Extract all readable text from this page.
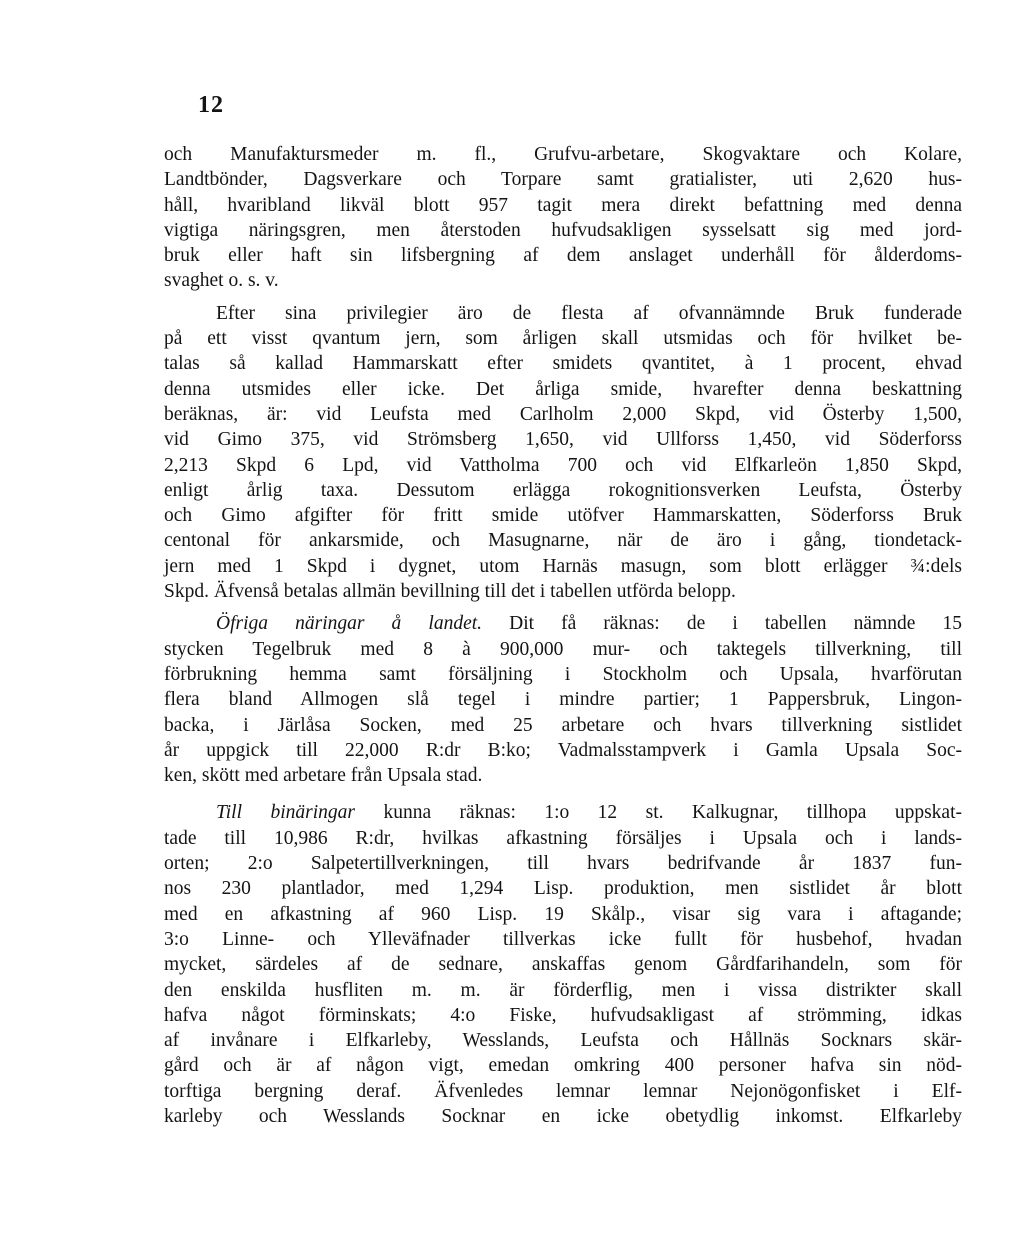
12
och Manufaktursmeder m. fl., Grufvu-arbetare, Skogvaktare och Kolare,
Landtbönder, Dagsverkare och Torpare samt gratialister, uti 2,620 hus-
håll, hvaribland likväl blott 957 tagit mera direkt befattning med denna
vigtiga näringsgren, men återstoden hufvudsakligen sysselsatt sig med jord-
bruk eller haft sin lifsbergning af dem anslaget underhåll för ålderdoms-
svaghet o. s. v.
Efter sina privilegier äro de flesta af ofvannämnde Bruk funderade
på ett visst qvantum jern, som årligen skall utsmidas och för hvilket be-
talas så kallad Hammarskatt efter smidets qvantitet, à 1 procent, ehvad
denna utsmides eller icke. Det årliga smide, hvarefter denna beskattning
beräknas, är: vid Leufsta med Carlholm 2,000 Skpd, vid Österby 1,500,
vid Gimo 375, vid Strömsberg 1,650, vid Ullforss 1,450, vid Söderforss
2,213 Skpd 6 Lpd, vid Vattholma 700 och vid Elfkarleön 1,850 Skpd,
enligt årlig taxa. Dessutom erlägga rokognitionsverken Leufsta, Österby
och Gimo afgifter för fritt smide utöfver Hammarskatten, Söderforss Bruk
centonal för ankarsmide, och Masugnarne, när de äro i gång, tiondetack-
jern med 1 Skpd i dygnet, utom Harnäs masugn, som blott erlägger ¾:dels
Skpd. Äfvenså betalas allmän bevillning till det i tabellen utförda belopp.
Öfriga näringar å landet. Dit få räknas: de i tabellen nämnde 15
stycken Tegelbruk med 8 à 900,000 mur- och taktegels tillverkning, till
förbrukning hemma samt försäljning i Stockholm och Upsala, hvarförutan
flera bland Allmogen slå tegel i mindre partier; 1 Pappersbruk, Lingon-
backa, i Järlåsa Socken, med 25 arbetare och hvars tillverkning sistlidet
år uppgick till 22,000 R:dr B:ko; Vadmalsstampverk i Gamla Upsala Soc-
ken, skött med arbetare från Upsala stad.
Till binäringar kunna räknas: 1:o 12 st. Kalkugnar, tillhopa uppskat-
tade till 10,986 R:dr, hvilkas afkastning försäljes i Upsala och i lands-
orten; 2:o Salpetertillverkningen, till hvars bedrifvande år 1837 fun-
nos 230 plantlador, med 1,294 Lisp. produktion, men sistlidet år blott
med en afkastning af 960 Lisp. 19 Skålp., visar sig vara i aftagande;
3:o Linne- och Ylleväfnader tillverkas icke fullt för husbehof, hvadan
mycket, särdeles af de sednare, anskaffas genom Gårdfarihandeln, som för
den enskilda husfliten m. m. är förderflig, men i vissa distrikter skall
hafva något förminskats; 4:o Fiske, hufvudsakligast af strömming, idkas
af invånare i Elfkarleby, Wesslands, Leufsta och Hållnäs Socknars skär-
gård och är af någon vigt, emedan omkring 400 personer hafva sin nöd-
torftiga bergning deraf. Äfvenledes lemnar lemnar Nejonögonfisket i Elf-
karleby och Wesslands Socknar en icke obetydlig inkomst. Elfkarleby
